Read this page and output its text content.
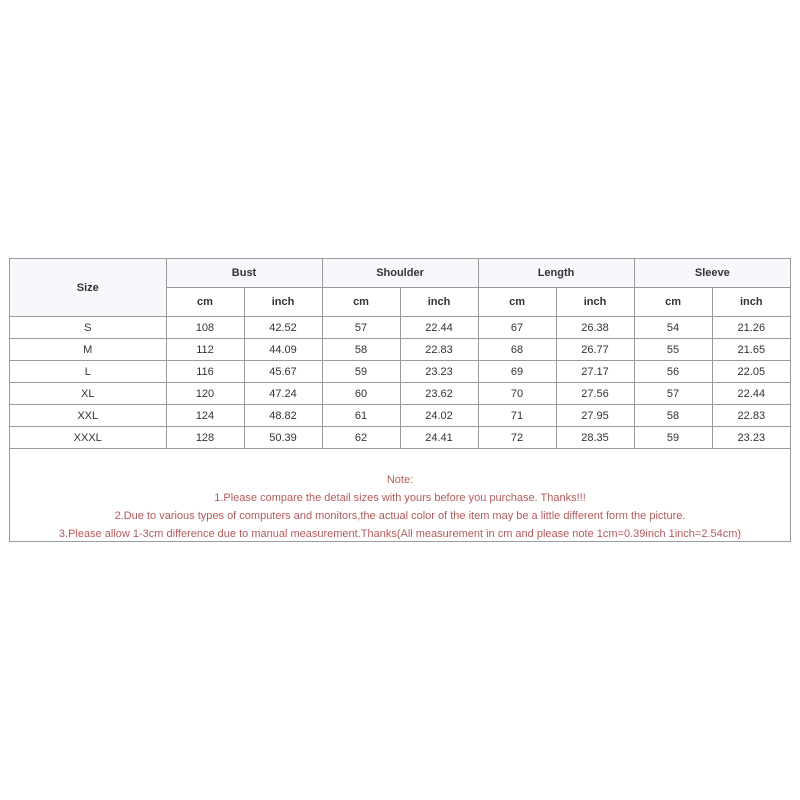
Size	Bust		Shoulder		Length		Sleeve	
	cm	inch	cm	inch	cm	inch	cm	inch
S	108	42.52	57	22.44	67	26.38	54	21.26
M	112	44.09	58	22.83	68	26.77	55	21.65
L	116	45.67	59	23.23	69	27.17	56	22.05
XL	120	47.24	60	23.62	70	27.56	57	22.44
XXL	124	48.82	61	24.02	71	27.95	58	22.83
XXXL	128	50.39	62	24.41	72	28.35	59	23.23
Note:
1.Please compare the detail sizes with yours before you purchase. Thanks!!!
2.Due to various types of computers and monitors,the actual color of the item may be a little different form the picture.
3.Please allow 1-3cm difference due to manual measurement.Thanks(All measurement in cm and please note 1cm=0.39inch 1inch=2.54cm)
